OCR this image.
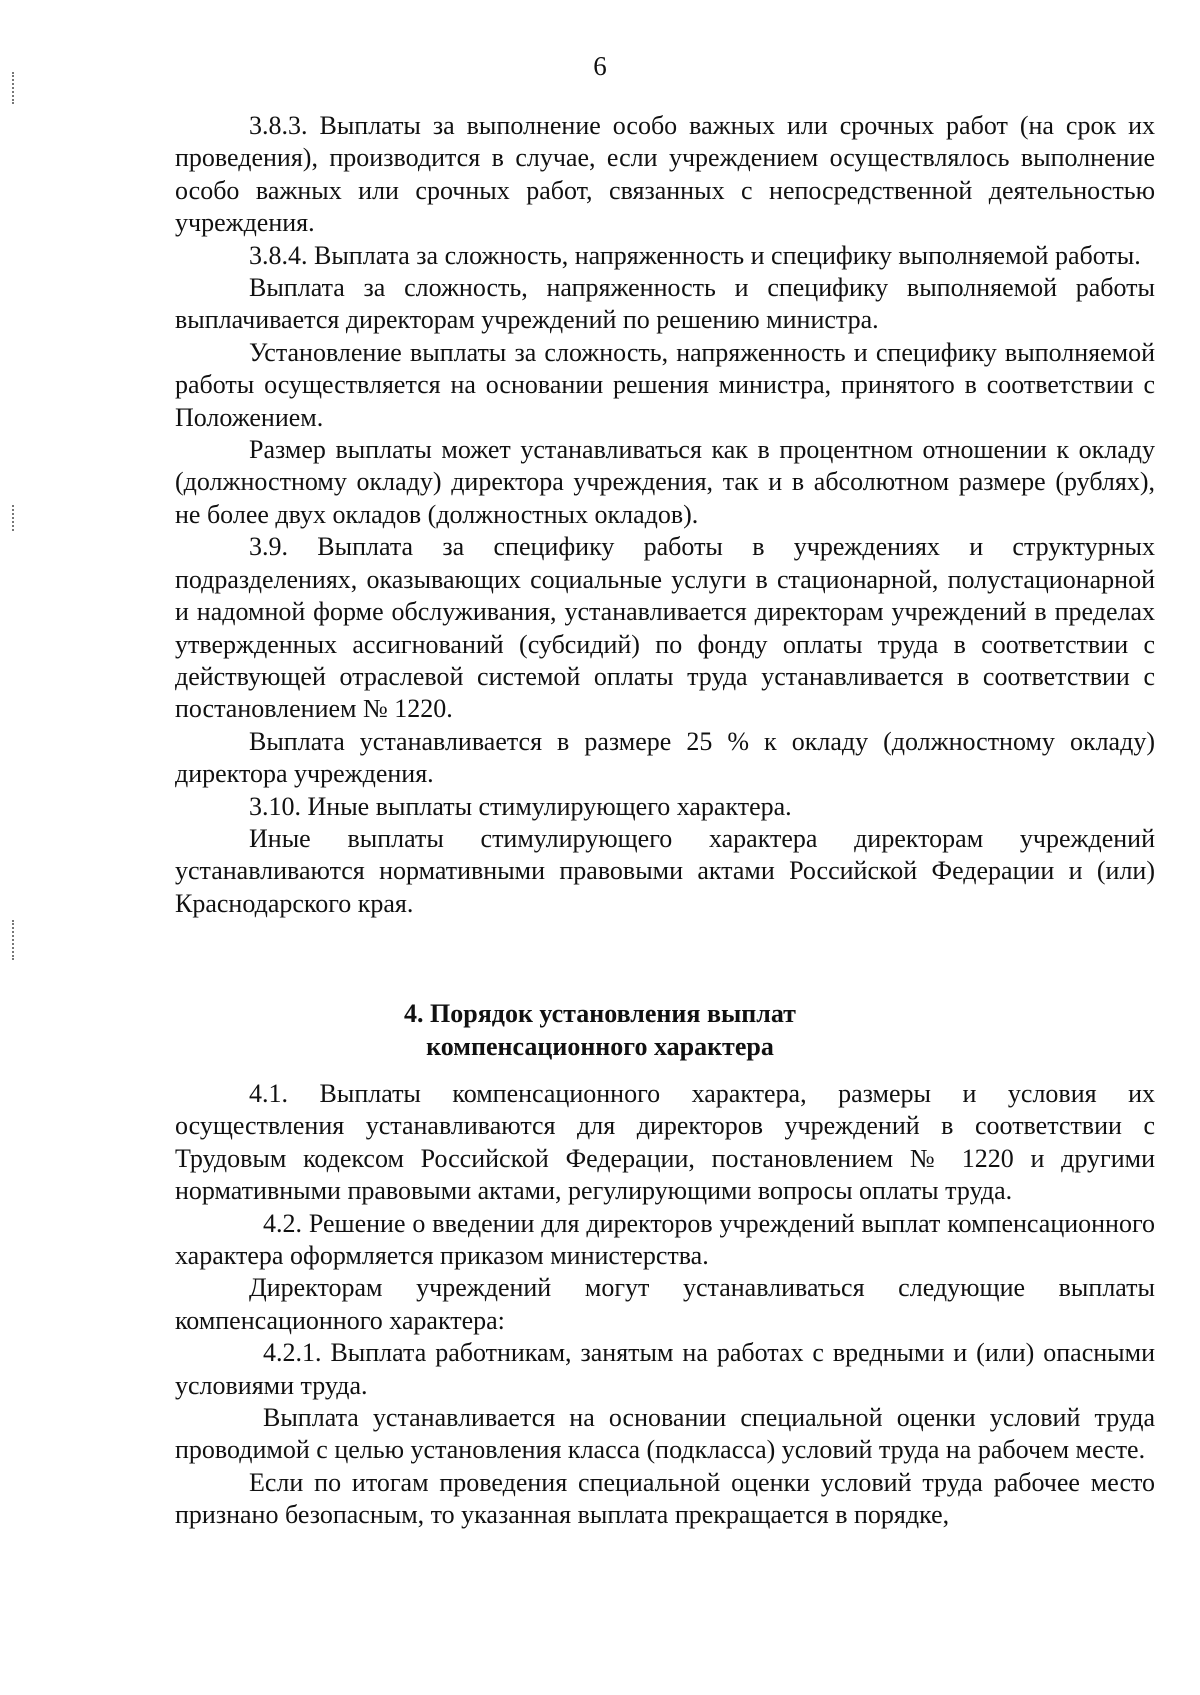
6

3.8.3. Выплаты за выполнение особо важных или срочных работ (на срок их проведения), производится в случае, если учреждением осуществлялось выполнение особо важных или срочных работ, связанных с непосредственной деятельностью учреждения.

3.8.4. Выплата за сложность, напряженность и специфику выполняемой работы.

Выплата за сложность, напряженность и специфику выполняемой работы выплачивается директорам учреждений по решению министра.

Установление выплаты за сложность, напряженность и специфику выполняемой работы осуществляется на основании решения министра, принятого в соответствии с Положением.

Размер выплаты может устанавливаться как в процентном отношении к окладу (должностному окладу) директора учреждения, так и в абсолютном размере (рублях), не более двух окладов (должностных окладов).

3.9. Выплата за специфику работы в учреждениях и структурных подразделениях, оказывающих социальные услуги в стационарной, полустационарной и надомной форме обслуживания, устанавливается директорам учреждений в пределах утвержденных ассигнований (субсидий) по фонду оплаты труда в соответствии с действующей отраслевой системой оплаты труда устанавливается в соответствии с постановлением № 1220.

Выплата устанавливается в размере 25 % к окладу (должностному окладу) директора учреждения.

3.10. Иные выплаты стимулирующего характера.

Иные выплаты стимулирующего характера директорам учреждений устанавливаются нормативными правовыми актами Российской Федерации и (или) Краснодарского края.

4. Порядок установления выплат
компенсационного характера

4.1. Выплаты компенсационного характера, размеры и условия их осуществления устанавливаются для директоров учреждений в соответствии с Трудовым кодексом Российской Федерации, постановлением № 1220 и другими нормативными правовыми актами, регулирующими вопросы оплаты труда.

4.2. Решение о введении для директоров учреждений выплат компенсационного характера оформляется приказом министерства.

Директорам учреждений могут устанавливаться следующие выплаты компенсационного характера:

4.2.1. Выплата работникам, занятым на работах с вредными и (или) опасными условиями труда.

Выплата устанавливается на основании специальной оценки условий труда проводимой с целью установления класса (подкласса) условий труда на рабочем месте.

Если по итогам проведения специальной оценки условий труда рабочее место признано безопасным, то указанная выплата прекращается в порядке,
